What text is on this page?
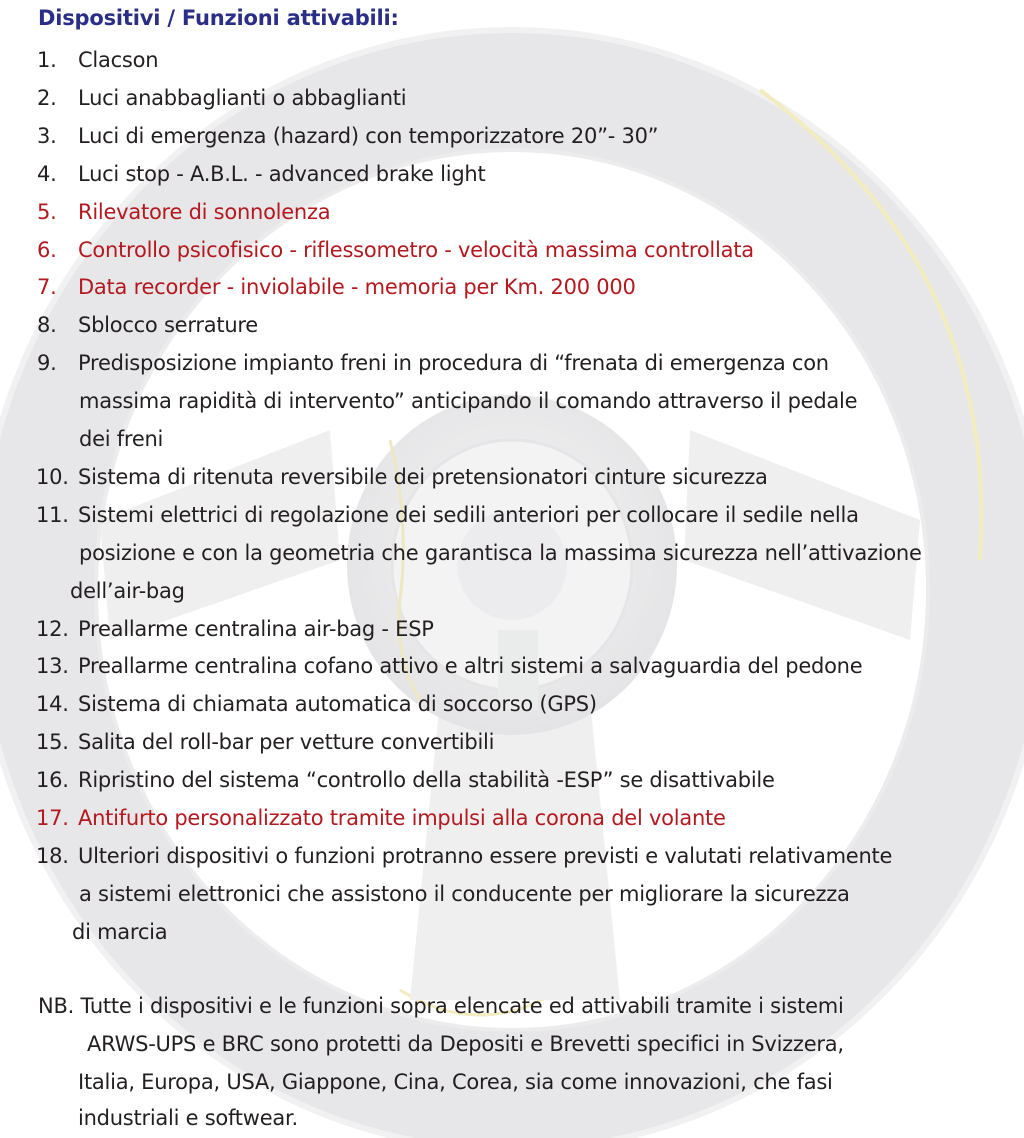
Dispositivi / Funzioni attivabili:
1. Clacson
2. Luci anabbaglianti o abbaglianti
3. Luci di emergenza (hazard) con temporizzatore 20”- 30”
4. Luci stop - A.B.L. - advanced brake light
5. Rilevatore di sonnolenza
6. Controllo psicofisico - riflessometro - velocità massima controllata
7. Data recorder - inviolabile - memoria per Km. 200 000
8. Sblocco serrature
9. Predisposizione impianto freni in procedura di “frenata di emergenza con
massima rapidità di intervento” anticipando il comando attraverso il pedale
dei freni
10. Sistema di ritenuta reversibile dei pretensionatori cinture sicurezza
11. Sistemi elettrici di regolazione dei sedili anteriori per collocare il sedile nella
posizione e con la geometria che garantisca la massima sicurezza nell’attivazione
dell’air-bag
12. Preallarme centralina air-bag - ESP
13. Preallarme centralina cofano attivo e altri sistemi a salvaguardia del pedone
14. Sistema di chiamata automatica di soccorso (GPS)
15. Salita del roll-bar per vetture convertibili
16. Ripristino del sistema “controllo della stabilità -ESP” se disattivabile
17. Antifurto personalizzato tramite impulsi alla corona del volante
18. Ulteriori dispositivi o funzioni protranno essere previsti e valutati relativamente
a sistemi elettronici che assistono il conducente per migliorare la sicurezza
di marcia
NB. Tutte i dispositivi e le funzioni sopra elencate ed attivabili tramite i sistemi
ARWS-UPS e BRC sono protetti da Depositi e Brevetti specifici in Svizzera,
Italia, Europa, USA, Giappone, Cina, Corea, sia come innovazioni, che fasi
industriali e softwear.
